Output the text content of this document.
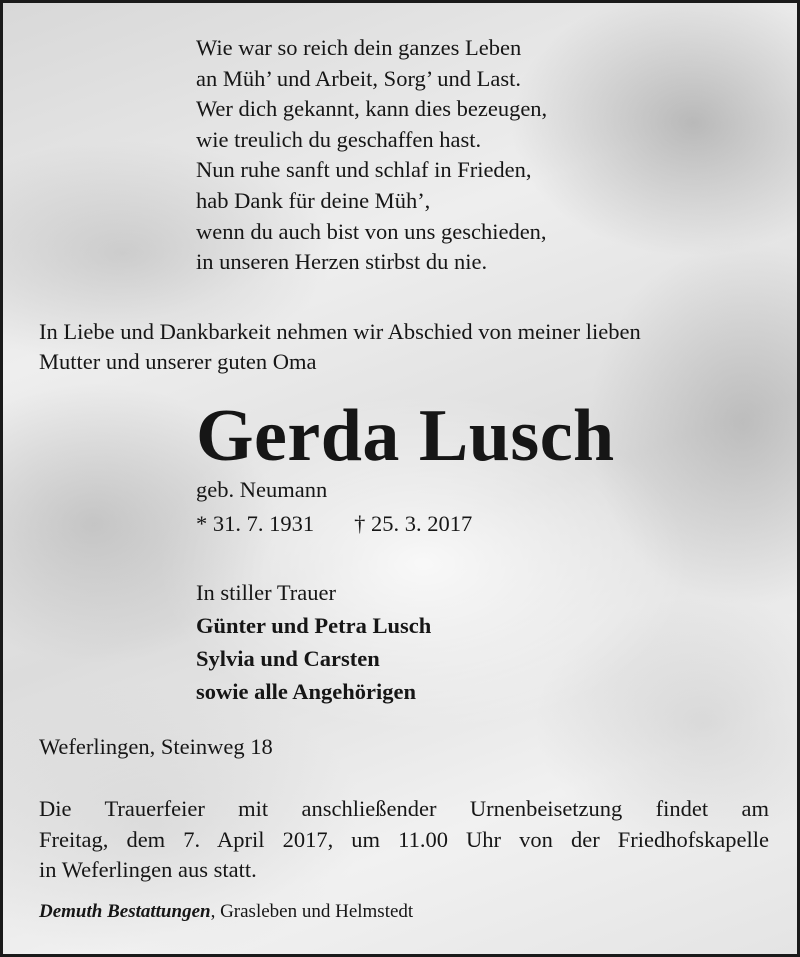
Wie war so reich dein ganzes Leben
an Müh’ und Arbeit, Sorg’ und Last.
Wer dich gekannt, kann dies bezeugen,
wie treulich du geschaffen hast.
Nun ruhe sanft und schlaf in Frieden,
hab Dank für deine Müh’,
wenn du auch bist von uns geschieden,
in unseren Herzen stirbst du nie.
In Liebe und Dankbarkeit nehmen wir Abschied von meiner lieben
Mutter und unserer guten Oma
Gerda Lusch
geb. Neumann
* 31. 7. 1931 † 25. 3. 2017
In stiller Trauer
Günter und Petra Lusch
Sylvia und Carsten
sowie alle Angehörigen
Weferlingen, Steinweg 18
Die Trauerfeier mit anschließender Urnenbeisetzung findet am
Freitag, dem 7. April 2017, um 11.00 Uhr von der Friedhofskapelle
in Weferlingen aus statt.
Demuth Bestattungen, Grasleben und Helmstedt
